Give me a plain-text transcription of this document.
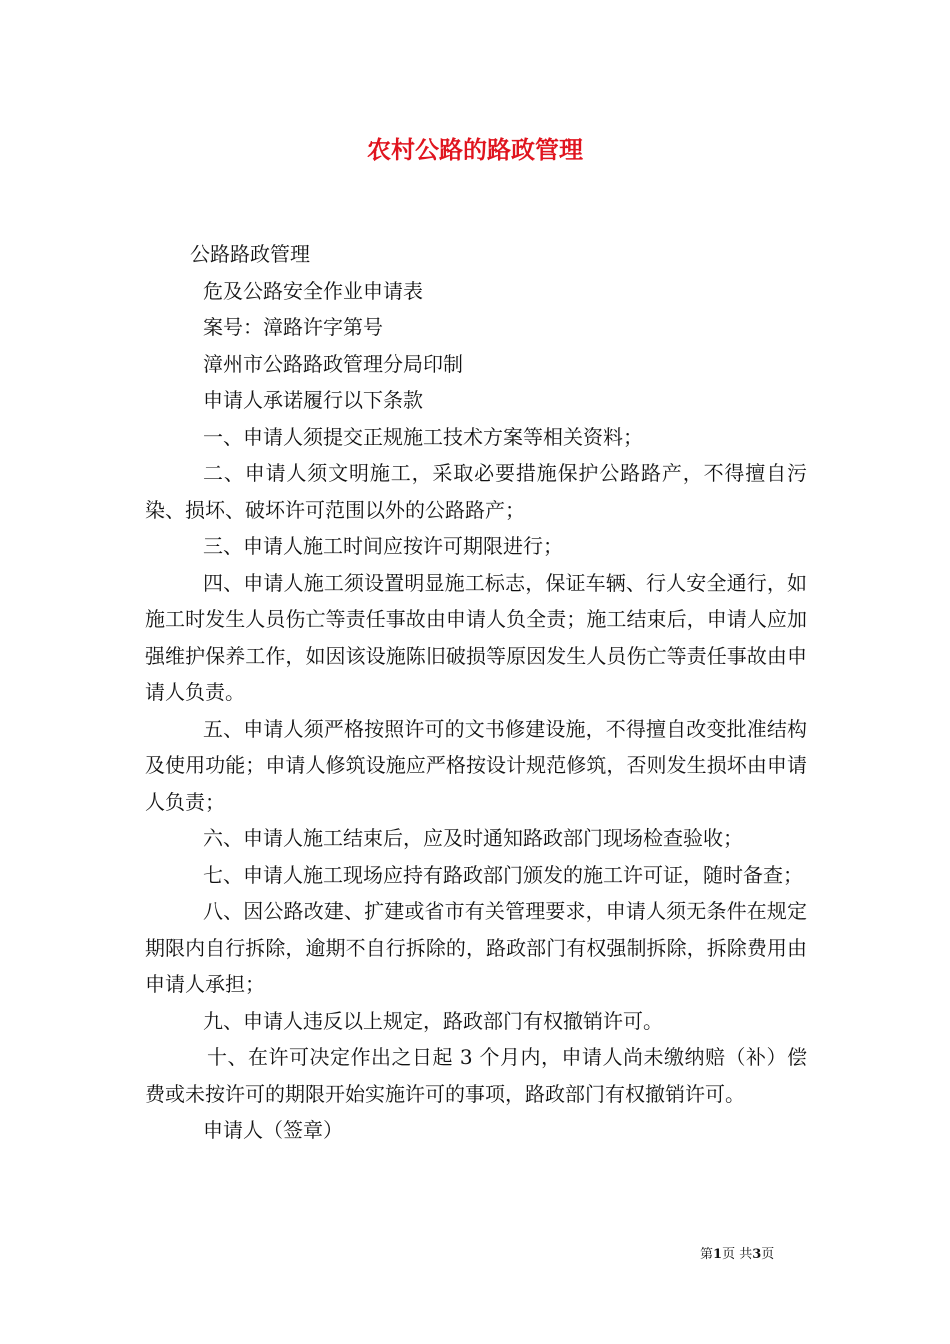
农村公路的路政管理

公路路政管理

危及公路安全作业申请表

案号：漳路许字第号

漳州市公路路政管理分局印制

申请人承诺履行以下条款

一、申请人须提交正规施工技术方案等相关资料；

二、申请人须文明施工，采取必要措施保护公路路产，不得擅自污染、损坏、破坏许可范围以外的公路路产；

三、申请人施工时间应按许可期限进行；

四、申请人施工须设置明显施工标志，保证车辆、行人安全通行，如施工时发生人员伤亡等责任事故由申请人负全责；施工结束后，申请人应加强维护保养工作，如因该设施陈旧破损等原因发生人员伤亡等责任事故由申请人负责。

五、申请人须严格按照许可的文书修建设施，不得擅自改变批准结构及使用功能；申请人修筑设施应严格按设计规范修筑，否则发生损坏由申请人负责；

六、申请人施工结束后，应及时通知路政部门现场检查验收；

七、申请人施工现场应持有路政部门颁发的施工许可证，随时备查；

八、因公路改建、扩建或省市有关管理要求，申请人须无条件在规定期限内自行拆除，逾期不自行拆除的，路政部门有权强制拆除，拆除费用由申请人承担；

九、申请人违反以上规定，路政部门有权撤销许可。

十、在许可决定作出之日起 3 个月内，申请人尚未缴纳赔（补）偿费或未按许可的期限开始实施许可的事项，路政部门有权撤销许可。

申请人（签章）

第1页 共3页
